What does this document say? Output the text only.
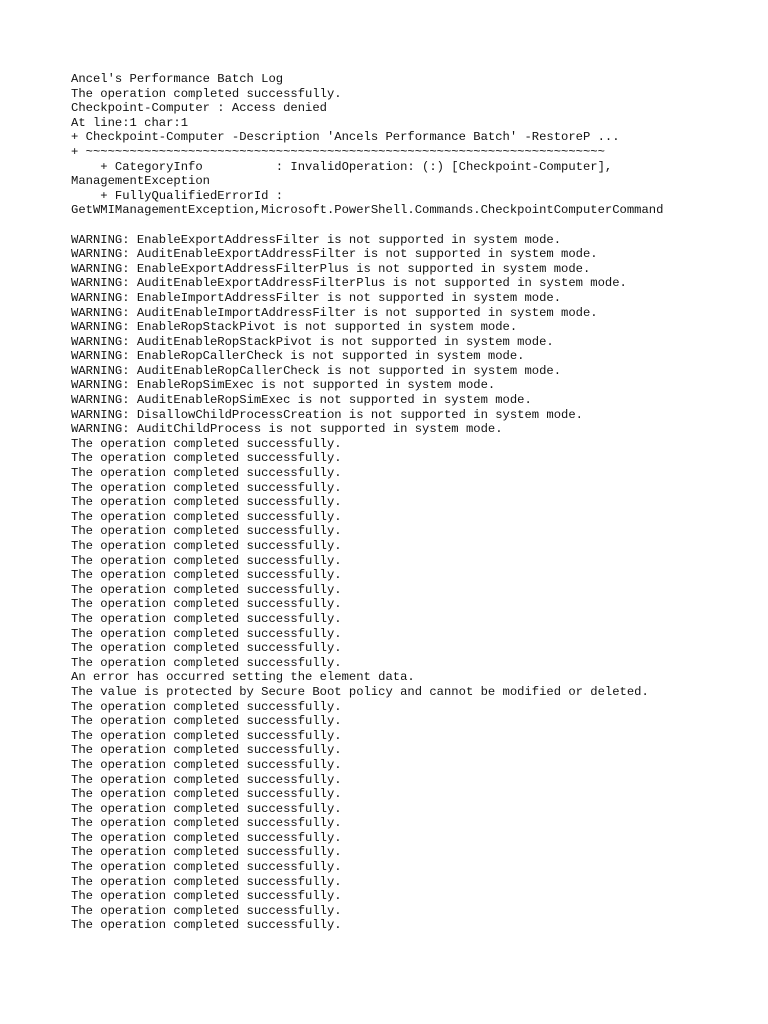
Ancel's Performance Batch Log
The operation completed successfully.
Checkpoint-Computer : Access denied
At line:1 char:1
+ Checkpoint-Computer -Description 'Ancels Performance Batch' -RestoreP ...
+ ~~~~~~~~~~~~~~~~~~~~~~~~~~~~~~~~~~~~~~~~~~~~~~~~~~~~~~~~~~~~~~~~~~~~~~~
+ CategoryInfo          : InvalidOperation: (:) [Checkpoint-Computer],
ManagementException
+ FullyQualifiedErrorId :
GetWMIManagementException,Microsoft.PowerShell.Commands.CheckpointComputerCommand
WARNING: EnableExportAddressFilter is not supported in system mode.
WARNING: AuditEnableExportAddressFilter is not supported in system mode.
WARNING: EnableExportAddressFilterPlus is not supported in system mode.
WARNING: AuditEnableExportAddressFilterPlus is not supported in system mode.
WARNING: EnableImportAddressFilter is not supported in system mode.
WARNING: AuditEnableImportAddressFilter is not supported in system mode.
WARNING: EnableRopStackPivot is not supported in system mode.
WARNING: AuditEnableRopStackPivot is not supported in system mode.
WARNING: EnableRopCallerCheck is not supported in system mode.
WARNING: AuditEnableRopCallerCheck is not supported in system mode.
WARNING: EnableRopSimExec is not supported in system mode.
WARNING: AuditEnableRopSimExec is not supported in system mode.
WARNING: DisallowChildProcessCreation is not supported in system mode.
WARNING: AuditChildProcess is not supported in system mode.
The operation completed successfully.
The operation completed successfully.
The operation completed successfully.
The operation completed successfully.
The operation completed successfully.
The operation completed successfully.
The operation completed successfully.
The operation completed successfully.
The operation completed successfully.
The operation completed successfully.
The operation completed successfully.
The operation completed successfully.
The operation completed successfully.
The operation completed successfully.
The operation completed successfully.
The operation completed successfully.
An error has occurred setting the element data.
The value is protected by Secure Boot policy and cannot be modified or deleted.
The operation completed successfully.
The operation completed successfully.
The operation completed successfully.
The operation completed successfully.
The operation completed successfully.
The operation completed successfully.
The operation completed successfully.
The operation completed successfully.
The operation completed successfully.
The operation completed successfully.
The operation completed successfully.
The operation completed successfully.
The operation completed successfully.
The operation completed successfully.
The operation completed successfully.
The operation completed successfully.
